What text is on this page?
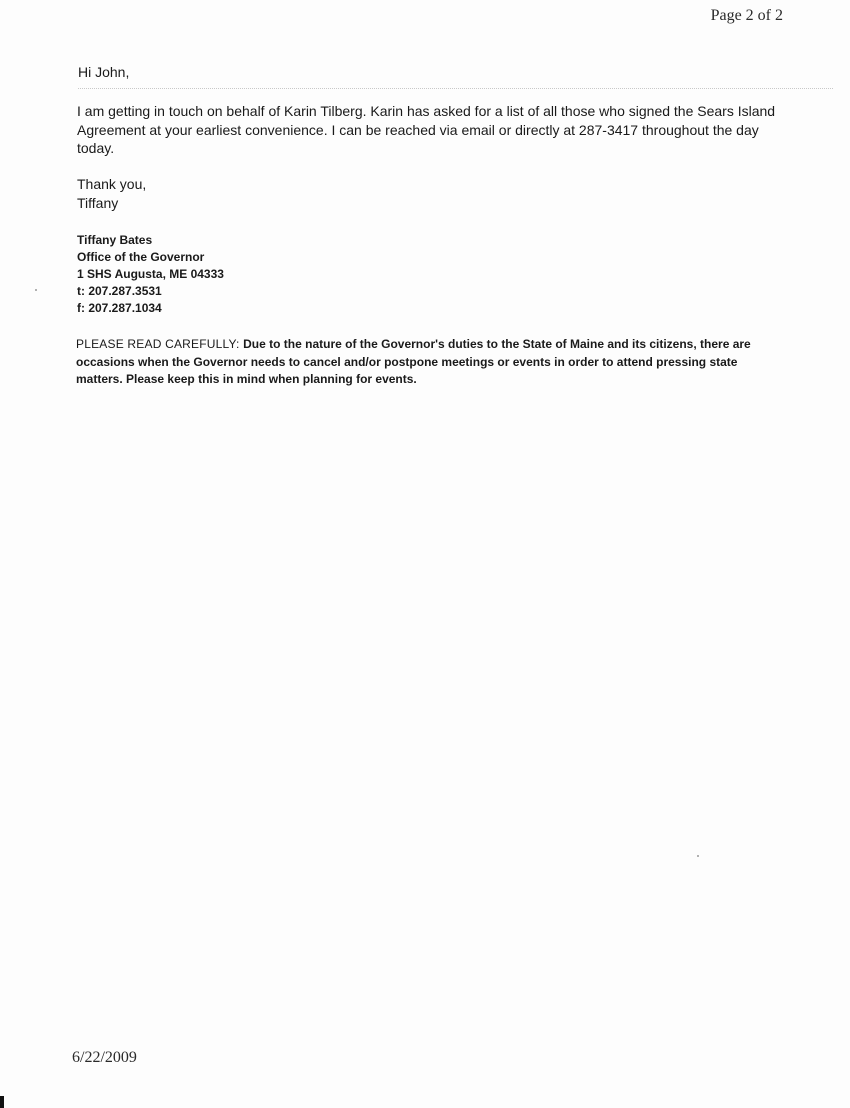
Page 2 of 2
Hi John,
I am getting in touch on behalf of Karin Tilberg. Karin has asked for a list of all those who signed the Sears Island Agreement at your earliest convenience. I can be reached via email or directly at 287-3417 throughout the day today.
Thank you,
Tiffany
Tiffany Bates
Office of the Governor
1 SHS Augusta, ME 04333
t: 207.287.3531
f: 207.287.1034
PLEASE READ CAREFULLY: Due to the nature of the Governor's duties to the State of Maine and its citizens, there are occasions when the Governor needs to cancel and/or postpone meetings or events in order to attend pressing state matters. Please keep this in mind when planning for events.
6/22/2009
